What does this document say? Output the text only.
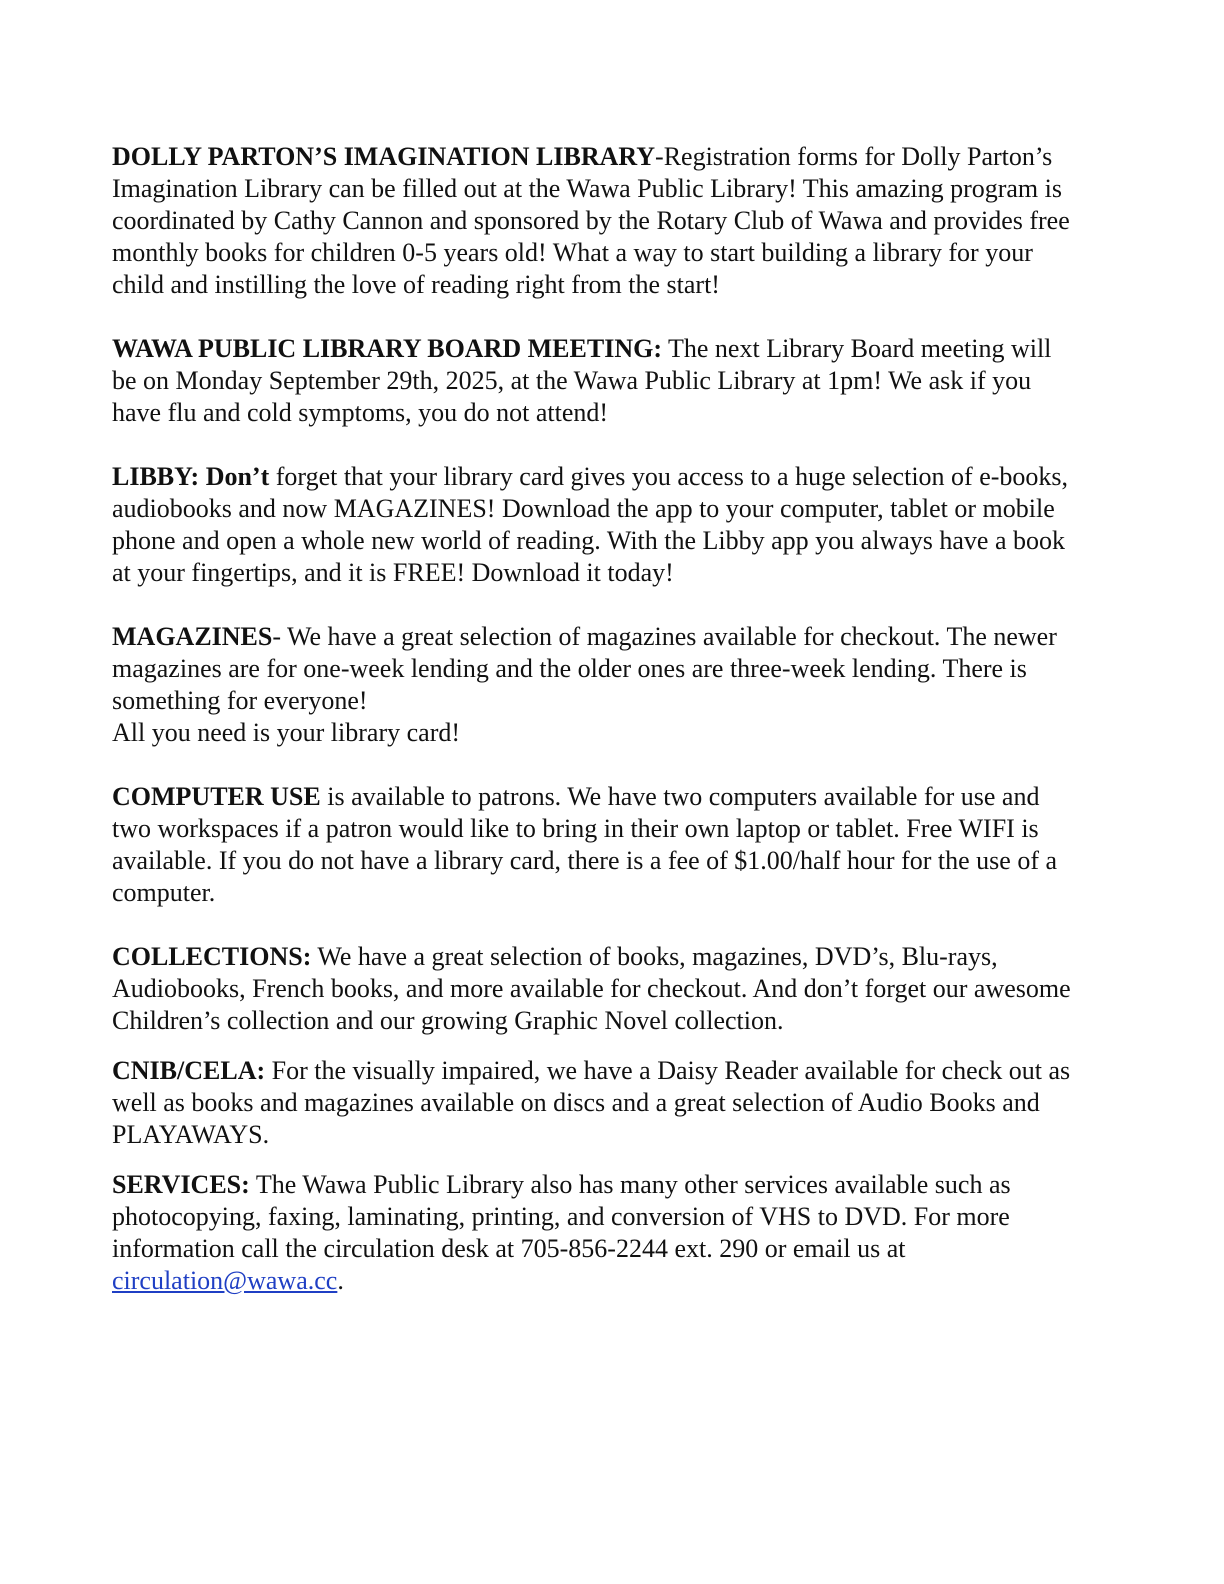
DOLLY PARTON’S IMAGINATION LIBRARY-Registration forms for Dolly Parton’s Imagination Library can be filled out at the Wawa Public Library! This amazing program is coordinated by Cathy Cannon and sponsored by the Rotary Club of Wawa and provides free monthly books for children 0-5 years old! What a way to start building a library for your child and instilling the love of reading right from the start!

WAWA PUBLIC LIBRARY BOARD MEETING: The next Library Board meeting will be on Monday September 29th, 2025, at the Wawa Public Library at 1pm! We ask if you have flu and cold symptoms, you do not attend!

LIBBY: Don’t forget that your library card gives you access to a huge selection of e-books, audiobooks and now MAGAZINES! Download the app to your computer, tablet or mobile phone and open a whole new world of reading. With the Libby app you always have a book at your fingertips, and it is FREE! Download it today!

MAGAZINES- We have a great selection of magazines available for checkout. The newer magazines are for one-week lending and the older ones are three-week lending. There is something for everyone!
All you need is your library card!

COMPUTER USE is available to patrons. We have two computers available for use and two workspaces if a patron would like to bring in their own laptop or tablet. Free WIFI is available. If you do not have a library card, there is a fee of $1.00/half hour for the use of a computer.

COLLECTIONS: We have a great selection of books, magazines, DVD’s, Blu-rays, Audiobooks, French books, and more available for checkout. And don’t forget our awesome Children’s collection and our growing Graphic Novel collection.

CNIB/CELA: For the visually impaired, we have a Daisy Reader available for check out as well as books and magazines available on discs and a great selection of Audio Books and PLAYAWAYS.

SERVICES: The Wawa Public Library also has many other services available such as photocopying, faxing, laminating, printing, and conversion of VHS to DVD. For more information call the circulation desk at 705-856-2244 ext. 290 or email us at circulation@wawa.cc.
